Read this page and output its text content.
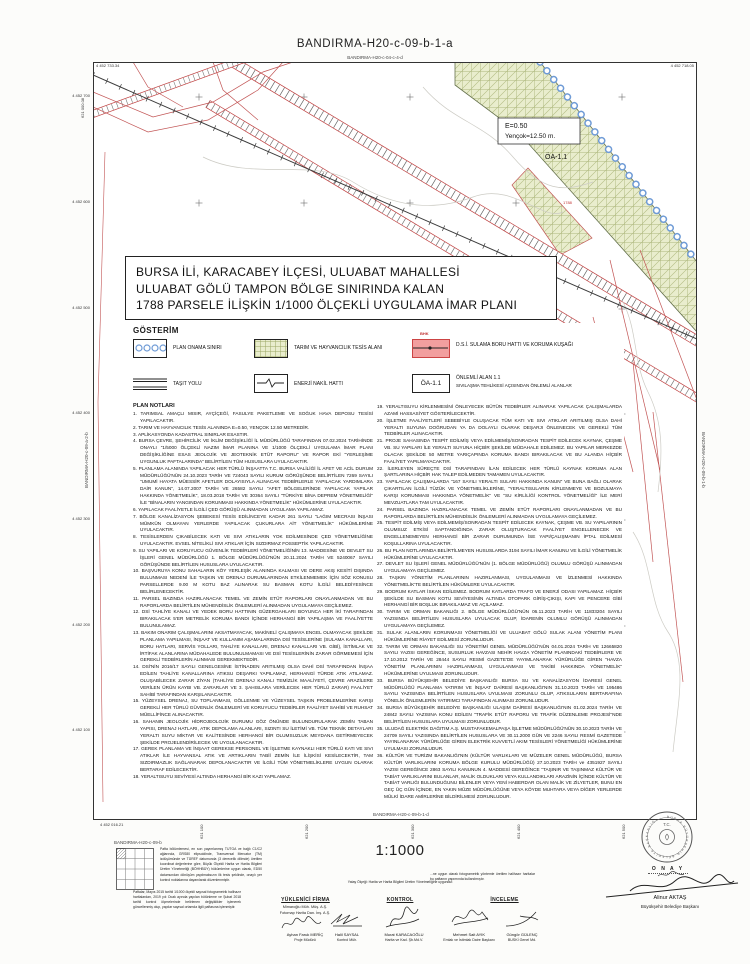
BANDIRMA-H20-c-09-b-1-a
BANDIRMA-H20-c-04-c-4-d
E=0.50
Yençok=12.50 m.
ÖA-1.1
1788
4 452 733.34
621 000.08
4 452 718.05
4 452 016.21
4 452 700
4 452 600
4 452 500
4 452 400
4 452 300
4 452 200
4 452 100
621 100	621 200	621 300	621 400	621 500
BANDIRMA-H20-c-09-a-2-b	BANDIRMA-H20-c-09-b-1-b
BANDIRMA-H20-c-09-b-1-d
BURSA İLİ, KARACABEY İLÇESİ, ULUABAT MAHALLESİ
ULUABAT GÖLÜ TAMPON BÖLGE SINIRINDA KALAN
1788 PARSELE İLİŞKİN 1/1000 ÖLÇEKLİ UYGULAMA İMAR PLANI
GÖSTERİM
PLAN ONAMA SINIRI	TARIM VE HAYVANCILIK TESİS ALANI
BHK
D.S.İ. SULAMA BORU HATTI VE KORUMA KUŞAĞI
TAŞIT YOLU	ENERJİ NAKİL HATTI	ÖA-1.1
ÖNLEMLİ ALAN 1.1
SIVILAŞMA TEHLİKESİ AÇISINDAN ÖNLEMLİ ALANLAR
PLAN NOTLARI

1. TARIMSAL AMAÇLI MISIR, AYÇİÇEĞİ, FASULYE PAKETLEME VE SOĞUK HAVA DEPOSU TESİSİ YAPILACAKTIR.

2. TARIM VE HAYVANCILIK TESİS ALANINDA E=0.50, YENÇOK 12.50 METREDİR.

3. APLİKASYONDA KADASTRAL SINIRLAR ESASTIR.

4. BURSA ÇEVRE, ŞEHİRCİLİK VE İKLİM DEĞİŞİKLİĞİ İL MÜDÜRLÜĞÜ TARAFINDAN 07.02.2024 TARİHİNDE ONAYLI "1/5000 ÖLÇEKLİ NAZIM İMAR PLANINA VE 1/1000 ÖLÇEKLİ UYGULAMA İMAR PLANI DEĞİŞİKLİĞİNE ESAS JEOLOJİK VE JEOTEKNİK ETÜT RAPORU" VE RAPOR EKİ "YERLEŞİME UYGUNLUK PAFTALARINDA" BELİRTİLEN TÜM HUSUSLARA UYULACAKTIR.

5. PLANLAMA ALANINDA YAPILACAK HER TÜRLÜ İNŞAATTA T.C. BURSA VALİLİĞİ İL AFET VE ACİL DURUM MÜDÜRLÜĞÜ'NÜN 24.10.2023 TARİH VE 724043 SAYILI KURUM GÖRÜŞÜNDE BELİRTİLEN 7269 SAYILI "UMUMİ HAYATA MÜESSİR AFETLER DOLAYISIYLA ALINACAK TEDBİRLERLE YAPILACAK YARDIMLARA DAİR KANUN", 14.07.2007 TARİH VE 26582 SAYILI "AFET BÖLGELERİNDE YAPILACAK YAPILAR HAKKINDA YÖNETMELİK", 18.03.2018 TARİH VE 30364 SAYILI "TÜRKİYE BİNA DEPREM YÖNETMELİĞİ" İLE "BİNALARIN YANGINDAN KORUNMASI HAKKINDA YÖNETMELİK" HÜKÜMLERİNE UYULACAKTIR.

6. YAPILACAK FAALİYETLE İLGİLİ ÇED GÖRÜŞÜ ALINMADAN UYGULAMA YAPILAMAZ.

7. BÖLGE KANALİZASYON ŞEBEKESİ TESİS EDİLİNCEYE KADAR 261 SAYILI "LAĞIM MECRASI İNŞASI MÜMKÜN OLMAYAN YERLERDE YAPILACAK ÇUKURLARA AİT YÖNETMELİK" HÜKÜMLERİNE UYULACAKTIR.

8. TESİSLERDEN ÇIKABİLECEK KATI VE SIVI ATIKLARIN YOK EDİLMESİNDE ÇED YÖNETMELİĞİNE UYULACAKTIR. EVSEL NİTELİKLİ SIVI ATIKLAR İÇİN SIZDIRMAZ FOSSEPTİK YAPILACAKTIR.

9. SU YAPILARI VE KORUYUCU GÜVENLİK TEDBİRLERİ YÖNETMELİĞİNİN 13. MADDESİNE VE DEVLET SU İŞLERİ GENEL MÜDÜRLÜĞÜ 1. BÖLGE MÜDÜRLÜĞÜ'NÜN 20.11.2024 TARİH VE 5240067 SAYILI GÖRÜŞÜNDE BELİRTİLEN HUSUSLARA UYULACAKTIR.

10. BAŞVURUYA KONU SAHALARIN KÖY YERLEŞİK ALANINDA KALMASI VE DERE AKIŞ KESİTİ DIŞINDA BULUNMASI NEDENİ İLE TAŞKIN VE DRENAJ DURUMLARINDAN ETKİLENMEMEK İÇİN SÖZ KONUSU PARSELLERDE 9.00 M KOTU BAZ ALINARAK SU BASMAN KOTU İLGİLİ BELEDİYESİNCE BELİRLENECEKTİR.

11. PARSEL BAZINDA HAZIRLANACAK TEMEL VE ZEMİN ETÜT RAPORLARI ONAYLANMADAN VE BU RAPORLARDA BELİRTİLEN MÜHENDİSLİK ÖNLEMLERİ ALINMADAN UYGULAMAYA GEÇİLEMEZ.

12. DSİ TAHLİYE KANALI VE YEDEK BORU HATTININ GÜZERGAHLARI BOYUNCA HER İKİ TARAFINDAN BIRAKILACAK 5'ER METRELİK KORUMA BANDI İÇİNDE HERHANGİ BİR YAPILAŞMA VE FAALİYETTE BULUNULAMAZ.

13. BAKIM ONARIM ÇALIŞMALARINI AKSATMAYACAK, MAKİNELİ ÇALIŞMAYA ENGEL OLMAYACAK ŞEKİLDE PLANLAMA YAPILMASI, İNŞAAT VE KULLANIM AŞAMALARINDA DSİ TESİSLERİNE (SULAMA KANALLARI, BORU HATLARI, SERVİS YOLLARI, TAHLİYE KANALLARI, DRENAJ KANALLARI VB. GİBİ), İSTİMLAK VE İRTİFAK ALANLARINA MÜDAHALEDE BULUNULMAMASI VE DSİ TESİSLERİNİN ZARAR GÖRMEMESİ İÇİN GEREKLİ TEDBİRLERİN ALINMASI GEREKMEKTEDİR.

14. DSİ'NİN 2016/17 SAYILI GENELGESİNE İSTİNADEN ARITILMIŞ OLSA DAHİ DSİ TARAFINDAN İNŞAA EDİLEN TAHLİYE KANALLARINA ATIKSU DEŞARKI YAPILAMAZ, HERHANGİ TÜRDE ATIK ATILAMAZ. OLUŞABİLECEK ZARAR ZİYAN (TAHLİYE DRENAJ KANALI TEMİZLİK MAALİYETİ, ÇEVRE ARAZİLERE VERİLEN ÜRÜN KAYBI VB. ZARARLAR VE 3. ŞAHISLARA VERİLECEK HER TÜRLÜ ZARAR) FAALİYET SAHİBİ TARAFINDAN KARŞILANACAKTIR.

15. YÜZEYSEL DRENAJ, SU TOPLANMASI, GÖLLENME VE YÜZEYSEL TAŞKIN PROBLEMLERİNE KARŞI GEREKLİ HER TÜRLÜ GÜVENLİK ÖNLEMLERİ VE KORUYUCU TEDBİRLER FAALİYET SAHİBİ VE RUHSAT MÜELLİFİNCE ALINACAKTIR.

16. SAHANIN JEOLOJİK HİDROJEOLOJİK DURUMU GÖZ ÖNÜNDE BULUNDURULARAK ZEMİN TABAN YAPISI, DRENAJ HATLARI, ATIK DEPOLAMA ALANLARI, SIZINTI SU İLETİMİ VB. TÜM TEKNİK DETAYLARI YERALTI SUYU MİKTAR VE KALİTESİNDE HERHANGİ BİR OLUMSUZLUK MEYDANA GETİRMEYECEK ŞEKİLDE PROJELENDİRİLECEK VE UYGULANACAKTIR.

17. GEREK PLANLAMA VE İNŞAAT GEREKSE PERSONEL VE İŞLETME KAYNAKLI HER TÜRLÜ KATI VE SIVI ATIKLAR İLE HAYVANSAL ATIK VE ARTIKLARIN TABİİ ZEMİN İLE İLİŞKİSİ KESİLECEKTİR, TAM SIZDIRMAZLIK SAĞLANARAK DEPOLANACAKTIR VE İLGİLİ TÜM YÖNETMELİKLERE UYGUN OLARAK BERTARAF EDİLECEKTİR.

18. YERALTISUYU SEVİYESİ ALTINDA HERHANGİ BİR KAZI YAPILAMAZ.

19. YERALTISUYU KİRLENMESİNİ ÖNLEYECEK BÜTÜN TEDBİRLER ALINARAK YAPILACAK ÇALIŞMALARDA AZAMİ HASSASİYET GÖSTERİLECEKTİR.

20. İŞLETME FAALİYETLERİ SEBEBİYLE OLUŞACAK TÜM KATI VE SIVI ATIKLAR ARITILMIŞ OLSA DAHİ YERALTI SUYUNA DOĞRUDAN YA DA DOLAYLI OLARAK DEŞARJI ÖNLENECEK VE GEREKLİ TÜM TEDBİRLER ALINACAKTIR.

21. PROJE SAHASINDA TESPİT EDİLMİŞ VEYA EDİLMEMİŞ/SONRADAN TESPİT EDİLECEK KAYNAK, ÇEŞME VB. SU YAPILARI İLE YERALTI SUYUNA HİÇBİR ŞEKİLDE MÜDAHALE EDİLEMEZ. BU YAPILAR MERKEZDE OLACAK ŞEKİLDE 50 METRE YARIÇAPINDA KORUMA BANDI BIRAKILACAK VE BU ALANDA HİÇBİR FAALİYET YAPILMAYACAKTIR.

22. İLERLEYEN SÜREÇTE DSİ TARAFINDAN İLAN EDİLECEK HER TÜRLÜ KAYNAK KORUMA ALAN ŞARTLARINA HİÇBİR HAK TALEP EDİLMEDEN TAMAMEN UYULACAKTIR.

23. YAPILACAK ÇALIŞMALARDA "167 SAYILI YERALTI SULARI HAKKINDA KANUN" VE BUNA BAĞLI OLARAK ÇIKARTILAN İLGİLİ TÜZÜK VE YÖNETMELİKLERİNE, "YERALTISULARIN KİRLENMEYE VE BOZULMAYA KARŞI KORUNMASI HAKKINDA YÖNETMELİK" VE "SU KİRLİLİĞİ KONTROL YÖNETMELİĞİ" İLE MERİ MEVZUATLARA TAM UYULACAKTIR.

24. PARSEL BAZINDA HAZIRLANACAK TEMEL VE ZEMİN ETÜT RAPORLARI ONAYLANMADAN VE BU RAPORLARDA BELİRTİLEN MÜHENDİSLİK ÖNLEMLERİ ALINMADAN UYGULAMAYA GEÇİLEMEZ.

25. TESPİT EDİLMİŞ VEYA EDİLMEMİŞ/SONRADAN TESPİT EDİLECEK KAYNAK, ÇEŞME VB. SU YAPILARININ OLUMSUZ ETKİSİ SAPTANDIĞINDA ZARAR OLUŞTURACAK FAALİYET ENGELLENECEK VE ENGELLENEMEYEN HERHANGİ BİR ZARAR DURUMUNDA İSE YAPI/ÇALIŞMANIN İPTAL EDİLMESİ KOŞULLARINA UYULACAKTIR.

26. BU PLAN NOTLARINDA BELİRTİLMEYEN HUSUSLARDA 3194 SAYILI İMAR KANUNU VE İLGİLİ YÖNETMELİK HÜKÜMLERİNE UYULACAKTIR.

27. DEVLET SU İŞLERİ GENEL MÜDÜRLÜĞÜ'NÜN (1. BÖLGE MÜDÜRLÜĞÜ) OLUMLU GÖRÜŞÜ ALINMADAN UYGULAMAYA GEÇİLEMEZ.

28. TAŞKIN YÖNETİM PLANLARININ HAZIRLANMASI, UYGULANMASI VE İZLENMESİ HAKKINDA YÖNETMELİK'TE BELİRTİLEN HÜKÜMLERE UYULACAKTIR.

29. BODRUM KATLAR İSKAN EDİLEMEZ. BODRUM KATLARDA TRAFO VE ENERJİ ODASI YAPILAMAZ. HİÇBİR ŞEKİLDE SU BASMAN KOTU SEVİYESİNİN ALTINDA OTOPARK GİRİŞ-ÇIKIŞI, KAPI VE PENCERE GİBİ HERHANGİ BİR BOŞLUK BIRAKILAMAZ VE AÇILAMAZ.

30. TARIM VE ORMAN BAKANLIĞI 2. BÖLGE MÜDÜRLÜĞÜ'NÜN 06.11.2023 TARİH VE 11833204 SAYILI YAZISINDA BELİRTİLEN HUSUSLARA UYULACAK OLUP, İDARENİN OLUMLU GÖRÜŞÜ ALINMADAN UYGULAMAYA GEÇİLEMEZ.

31. SULAK ALANLARIN KORUNMASI YÖNETMELİĞİ VE ULUABAT GÖLÜ SULAK ALANI YÖNETİM PLANI HÜKÜMLERİNE RİAYET EDİLMESİ ZORUNLUDUR.

32. TARIM VE ORMAN BAKANLIĞI SU YÖNETİMİ GENEL MÜDÜRLÜĞÜ'NÜN 04.01.2024 TARİH VE 12665820 SAYILI YAZISI GEREĞİNCE, SUSURLUK HAVZASI NEHİR HAVZA YÖNETİM PLANINDAKİ TEDBİRLERE VE 17.10.2012 TARİH VE 28444 SAYILI RESMİ GAZETE'DE YAYIMLANARAK YÜRÜRLÜĞE GİREN "HAVZA YÖNETİM PLANLARININ HAZIRLANMASI, UYGULANMASI VE TAKİBİ HAKKINDA YÖNETMELİK" HÜKÜMLERİNE UYULMASI ZORUNLUDUR.

33. BURSA BÜYÜKŞEHİR BELEDİYE BAŞKANLIĞI BURSA SU VE KANALİZASYON İDARESİ GENEL MÜDÜRLÜĞÜ PLANLAMA YATIRIM VE İNŞAAT DAİRESİ BAŞKANLIĞI'NIN 31.10.2023 TARİH VE 195486 SAYILI YAZISINDA BELİRTİLEN HUSUSLARA UYULMASI ZORUNLU OLUP, ATIKSULARIN BERTARAFINA YÖNELİK ÖNLEMLERİN YATIRIMCI TARAFINDAN ALINMASI ZORUNLUDUR.

34. BURSA BÜYÜKŞEHİR BELEDİYE BAŞKANLIĞI ULAŞIM DAİRESİ BAŞKANLIĞI'NIN 01.02.2024 TARİH VE 24842 SAYILI YAZISINA KONU EDİLEN "TRAFİK ETÜT RAPORU VE TRAFİK DÜZENLEME PROJESİ"NDE BELİRTİLEN HUSUSLARA UYULMASI ZORUNLUDUR.

35. ULUDAĞ ELEKTRİK DAĞITIM A.Ş. MUSTAFAKEMALPAŞA İŞLETME MÜDÜRLÜĞÜ'NÜN 30.10.2023 TARİH VE 24709 SAYILI YAZISINDA BELİRTİLEN HUSUSLARA VE 30.11.2000 GÜN VE 2246 SAYILI RESMİ GAZETEDE YAYINLANARAK YÜRÜRLÜĞE GİREN ELEKTRİK KUVVETLİ AKIM TESİSLERİ YÖNETMELİĞİ HÜKÜMLERİNE UYULMASI ZORUNLUDUR.

36. KÜLTÜR VE TURİZM BAKANLIĞI'NIN (KÜLTÜR VARLIKLARI VE MÜZELER GENEL MÜDÜRLÜĞÜ, BURSA KÜLTÜR VARLIKLARINI KORUMA BÖLGE KURULU MÜDÜRLÜĞÜ) 27.10.2023 TARİH ve 4351927 SAYILI YAZISI GEREĞİNCE 2863 SAYILI KANUNUN 4. MADDESİ GEREĞİNCE "TAŞINIR VE TAŞINMAZ KÜLTÜR VE TABİAT VARLIKLARINI BULANLAR, MALİK OLDUKLARI VEYA KULLANDIKLARI ARAZİNİN İÇİNDE KÜLTÜR VE TABİAT VARLIĞI BULUNDUĞUNU BİLENLER VEYA YENİ HABERDAR OLAN MALİK VE ZİLYETLER, BUNU EN GEÇ ÜÇ GÜN İÇİNDE, EN YAKIN MÜZE MÜDÜRLÜĞÜNE VEYA KÖYDE MUHTARA VEYA DİĞER YERLERDE MÜLKİ İDARE AMİRLERİNE BİLDİRİLMESİ ZORUNLUDUR.

BANDIRMA-H20-c-09-b
Pafta bölümlemesi, en son yayımlanmış TUTGA ve bağlı C1/C2 ağlarında, GRS80 elipsoidinde, Transversal Mercator (TM) izdüşümünde ve TÜREF datumunda (3 derecelik dilimde) üretilen koordinat değerlerine göre, Büyük Ölçekli Harita ve Harita Bilgileri Üretim Yönetmeliği (BÖHHBÜY) hükümlerine uygun olarak, ED50 datumundan dönüşüm yapılmaksızın ilk tesis şeklinde, onaylı yer kontrol noktalarına dayanılarak düzenlenmiştir.
Paftalar, Mayıs 2015 tarihli 1/1000 ölçekli sayısal fotogrametrik halihazır haritalardan, 2019 yılı Ocak ayında yapılan bütünleme ve Şubat 2018 tarihli kontrol ölçmelerinde belirlenen değişiklikler işlenerek güncellenmiş olup, yapılar sayısal ortamda ilgili paftasına işlenmiştir.
1:1000
Yatay Ölçeği: Harita ve Harita Bilgileri Üretim Yönetmeliğine uygundur.
...ne uygun olarak fotogrametrik yöntemle üretilen halihazır haritalar bu paftanın yapımında kullanılmıştır.
YÜKLENİCİ FİRMA
Mimaroğlu Müh. Müş. A.Ş.
Fotomap Harita Dan. İnş. A.Ş.
Ayhan Faruk MERİÇ
Proje Müdürü
KONTROL
Halil SAYSAL
Kontrol Müh.
Murat KARACAOĞLU
Harita ve Kad. Şb.Md.V.
İNCELEME
Mehmet Sait AYIK
Emlak ve İstimlak Daire Başkanı
Güngör GÜLENÇ
BUSKİ Genel Md.
BURSA BÜYÜKŞEHİR BELEDİYE BAŞKANLIĞI
T.C.
O N A Y
Alinur AKTAŞ
Büyükşehir Belediye Başkanı
